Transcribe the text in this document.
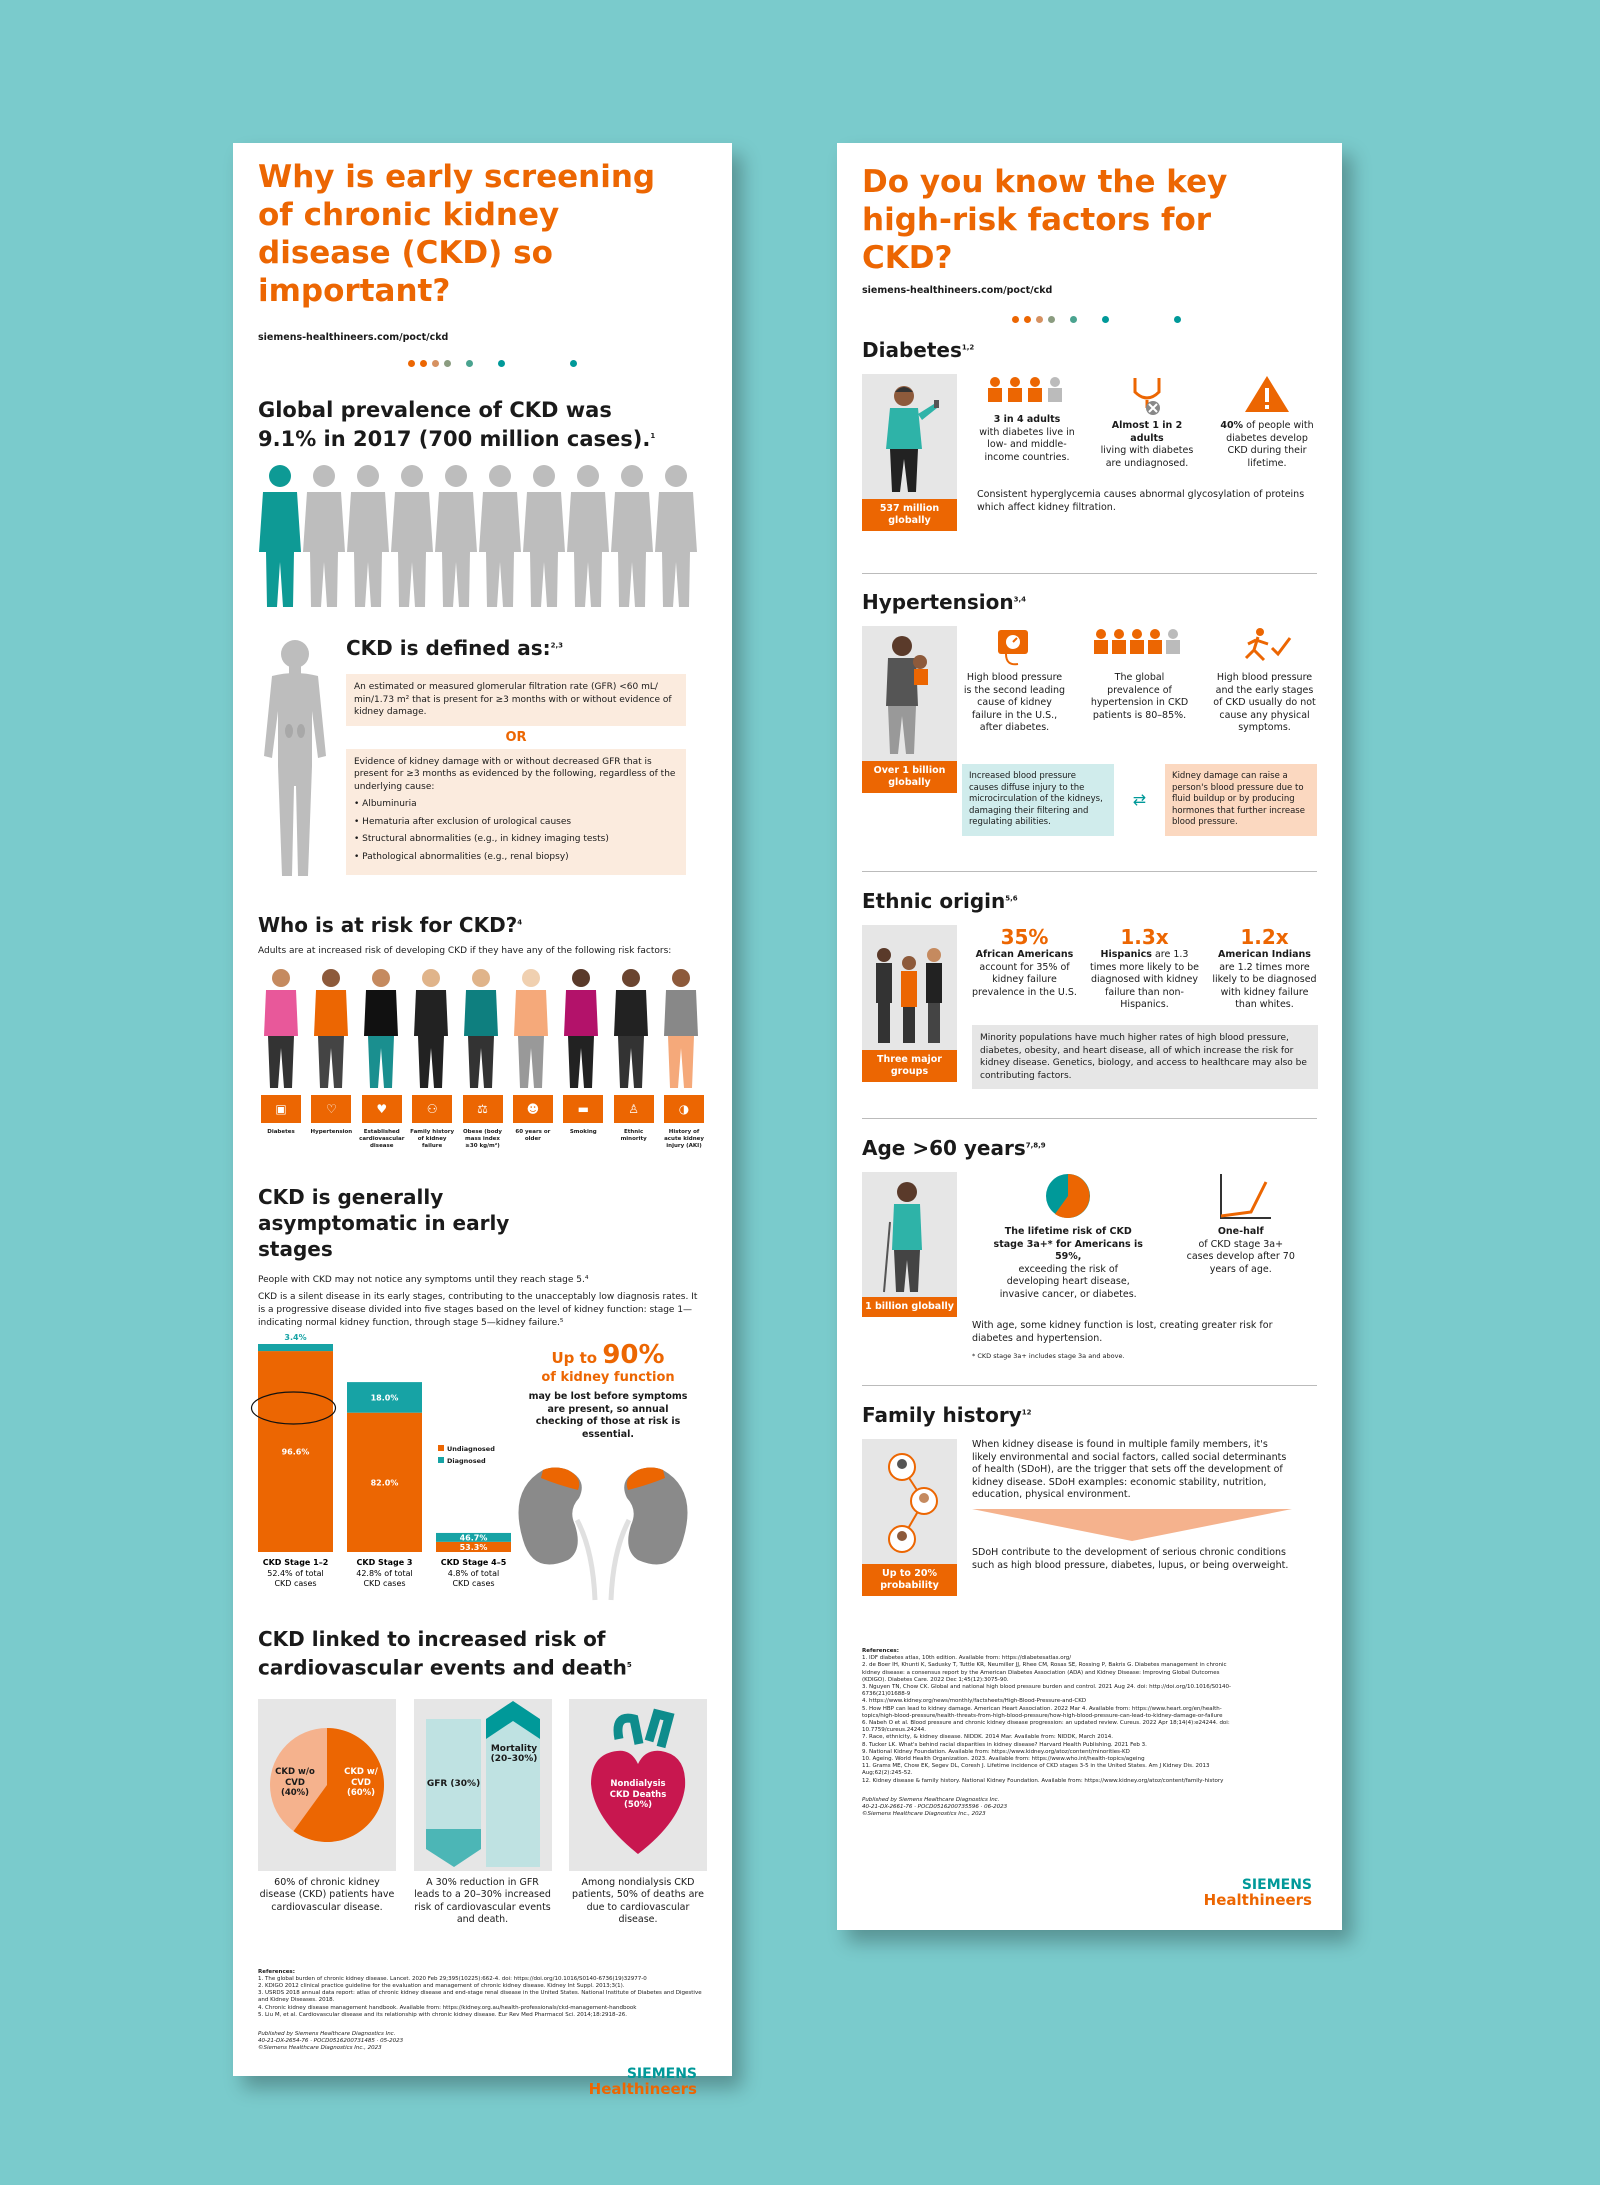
Why is early screening of chronic kidney disease (CKD) so important?
siemens-healthineers.com/poct/ckd
Global prevalence of CKD was 9.1% in 2017 (700 million cases).$^1$
CKD is defined as:$^{2,3}$
An estimated or measured glomerular filtration rate (GFR) <60 mL/ min/1.73 m² that is present for ≥3 months with or without evidence of kidney damage.
OR
Evidence of kidney damage with or without decreased GFR that is present for ≥3 months as evidenced by the following, regardless of the underlying cause:
• Albuminuria
• Hematuria after exclusion of urological causes
• Structural abnormalities (e.g., in kidney imaging tests)
• Pathological abnormalities (e.g., renal biopsy)
Who is at risk for CKD?$^4$
Adults are at increased risk of developing CKD if they have any of the following risk factors:
▣
Diabetes
♡
Hypertension
♥
Established cardiovascular disease
⚇
Family history of kidney failure
⚖
Obese (body mass index ≥30 kg/m²)
☻
60 years or older
▬
Smoking
♙
Ethnic minority
◑
History of acute kidney injury (AKI)
CKD is generally asymptomatic in early stages
People with CKD may not notice any symptoms until they reach stage 5.⁴
CKD is a silent disease in its early stages, contributing to the unacceptably low diagnosis rates. It is a progressive disease divided into five stages based on the level of kidney function: stage 1—indicating normal kidney function, through stage 5—kidney failure.⁵
96.6%
3.4%
CKD Stage 1–2
52.4% of total
CKD cases
82.0%
18.0%
CKD Stage 3
42.8% of total
CKD cases
53.3%
46.7%
CKD Stage 4–5
4.8% of total
CKD cases
Undiagnosed
Diagnosed
Up to 90%
of kidney function
may be lost before symptoms are present, so annual checking of those at risk is essential.
CKD linked to increased risk of cardiovascular events and death$^5$
CKD w/o CVD (40%)
CKD w/ CVD (60%)
60% of chronic kidney disease (CKD) patients have cardiovascular disease.
GFR (30%)
Mortality (20–30%)
A 30% reduction in GFR leads to a 20–30% increased risk of cardiovascular events and death.
Nondialysis CKD Deaths (50%)
Among nondialysis CKD patients, 50% of deaths are due to cardiovascular disease.
References:
1. The global burden of chronic kidney disease. Lancet. 2020 Feb 29;395(10225):662-4. doi: https://doi.org/10.1016/S0140-6736(19)32977-0
2. KDIGO 2012 clinical practice guideline for the evaluation and management of chronic kidney disease. Kidney Int Suppl. 2013;3(1).
3. USRDS 2018 annual data report: atlas of chronic kidney disease and end-stage renal disease in the United States. National Institute of Diabetes and Digestive and Kidney Diseases. 2018.
4. Chronic kidney disease management handbook. Available from: https://kidney.org.au/health-professionals/ckd-management-handbook
5. Liu M, et al. Cardiovascular disease and its relationship with chronic kidney disease. Eur Rev Med Pharmacol Sci. 2014;18:2918–26.
Published by Siemens Healthcare Diagnostics Inc.
40-21-DX-2654-76 · POCD0516200731485 · 05-2023
©Siemens Healthcare Diagnostics Inc., 2023
SIEMENS
Healthineers
Do you know the key high-risk factors for CKD?
siemens-healthineers.com/poct/ckd
Diabetes$^{1,2}$
537 million globally
3 in 4 adults
with diabetes live in low- and middle-income countries.
Almost 1 in 2 adults
living with diabetes are undiagnosed.
40% of people with diabetes develop CKD during their lifetime.
Consistent hyperglycemia causes abnormal glycosylation of proteins which affect kidney filtration.
Hypertension$^{3,4}$
Over 1 billion globally
High blood pressure is the second leading cause of kidney failure in the U.S., after diabetes.
The global prevalence of hypertension in CKD patients is 80–85%.
High blood pressure and the early stages of CKD usually do not cause any physical symptoms.
Increased blood pressure causes diffuse injury to the microcirculation of the kidneys, damaging their filtering and regulating abilities.
⇄
Kidney damage can raise a person's blood pressure due to fluid buildup or by producing hormones that further increase blood pressure.
Ethnic origin$^{5,6}$
Three major groups
35%
African Americans
account for 35% of kidney failure prevalence in the U.S.
1.3x
Hispanics are 1.3 times more likely to be diagnosed with kidney failure than non-Hispanics.
1.2x
American Indians
are 1.2 times more likely to be diagnosed with kidney failure than whites.
Minority populations have much higher rates of high blood pressure, diabetes, obesity, and heart disease, all of which increase the risk for kidney disease. Genetics, biology, and access to healthcare may also be contributing factors.
Age >60 years$^{7,8,9}$
1 billion globally
The lifetime risk of CKD stage 3a+* for Americans is 59%,
exceeding the risk of developing heart disease, invasive cancer, or diabetes.
One-half
of CKD stage 3a+ cases develop after 70 years of age.
With age, some kidney function is lost, creating greater risk for diabetes and hypertension.
* CKD stage 3a+ includes stage 3a and above.
Family history$^{12}$
Up to 20% probability
When kidney disease is found in multiple family members, it's likely environmental and social factors, called social determinants of health (SDoH), are the trigger that sets off the development of kidney disease. SDoH examples: economic stability, nutrition, education, physical environment.
SDoH contribute to the development of serious chronic conditions such as high blood pressure, diabetes, lupus, or being overweight.
References:
1. IDF diabetes atlas, 10th edition. Available from: https://diabetesatlas.org/
2. de Boer IH, Khunti K, Sadusky T, Tuttle KR, Neumiller JJ, Rhee CM, Rosas SE, Rossing P, Bakris G. Diabetes management in chronic kidney disease: a consensus report by the American Diabetes Association (ADA) and Kidney Disease: Improving Global Outcomes (KDIGO). Diabetes Care. 2022 Dec 1;45(12):3075-90.
3. Nguyen TN, Chow CK. Global and national high blood pressure burden and control. 2021 Aug 24. doi: http://doi.org/10.1016/S0140-6736(21)01688-9
4. https://www.kidney.org/news/monthly/factsheets/High-Blood-Pressure-and-CKD
5. How HBP can lead to kidney damage. American Heart Association. 2022 Mar 4. Available from: https://www.heart.org/en/health-topics/high-blood-pressure/health-threats-from-high-blood-pressure/how-high-blood-pressure-can-lead-to-kidney-damage-or-failure
6. Nabeh O et al. Blood pressure and chronic kidney disease progression: an updated review. Cureus. 2022 Apr 18;14(4):e24244. doi: 10.7759/cureus.24244.
7. Race, ethnicity, & kidney disease. NIDDK. 2014 Mar. Available from: NIDDK, March 2014.
8. Tucker LK. What's behind racial disparities in kidney disease? Harvard Health Publishing. 2021 Feb 3.
9. National Kidney Foundation. Available from: https://www.kidney.org/atoz/content/minorities-KD
10. Ageing. World Health Organization. 2023. Available from: https://www.who.int/health-topics/ageing
11. Grams ME, Chow EK, Segev DL, Coresh J. Lifetime incidence of CKD stages 3-5 in the United States. Am J Kidney Dis. 2013 Aug;62(2):245-52.
12. Kidney disease & family history. National Kidney Foundation. Available from: https://www.kidney.org/atoz/content/family-history
Published by Siemens Healthcare Diagnostics Inc.
40-21-DX-2661-76 · POCD0516200735596 · 06-2023
©Siemens Healthcare Diagnostics Inc., 2023
SIEMENS
Healthineers
